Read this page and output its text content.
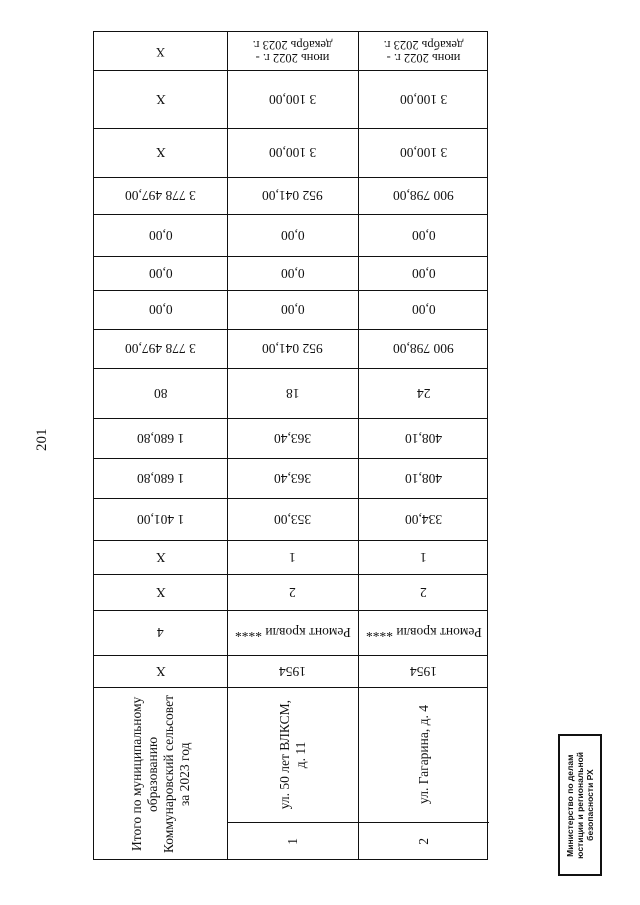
201
X
4
X
X
1 401,00
1 680,80
1 680,80
80
3 778 497,00
0,00
0,00
0,00
3 778 497,00
X
X
X
Итого по муниципальному
образованию
Коммунаровский сельсовет
за 2023 год
1954
Ремонт кровли ****
2
1
353,00
363,40
363,40
18
952 041,00
0,00
0,00
0,00
952 041,00
3 100,00
3 100,00
июнь 2022 г. - декабрь 2023 г.
ул. 50 лет ВЛКСМ,
д. 11
1
1954
Ремонт кровли ****
2
1
334,00
408,10
408,10
24
900 798,00
0,00
0,00
0,00
900 798,00
3 100,00
3 100,00
июнь 2022 г. - декабрь 2023 г.
ул. Гагарина, д. 4
2	Министерство по делам
юстиции и региональной
безопасности РХ
